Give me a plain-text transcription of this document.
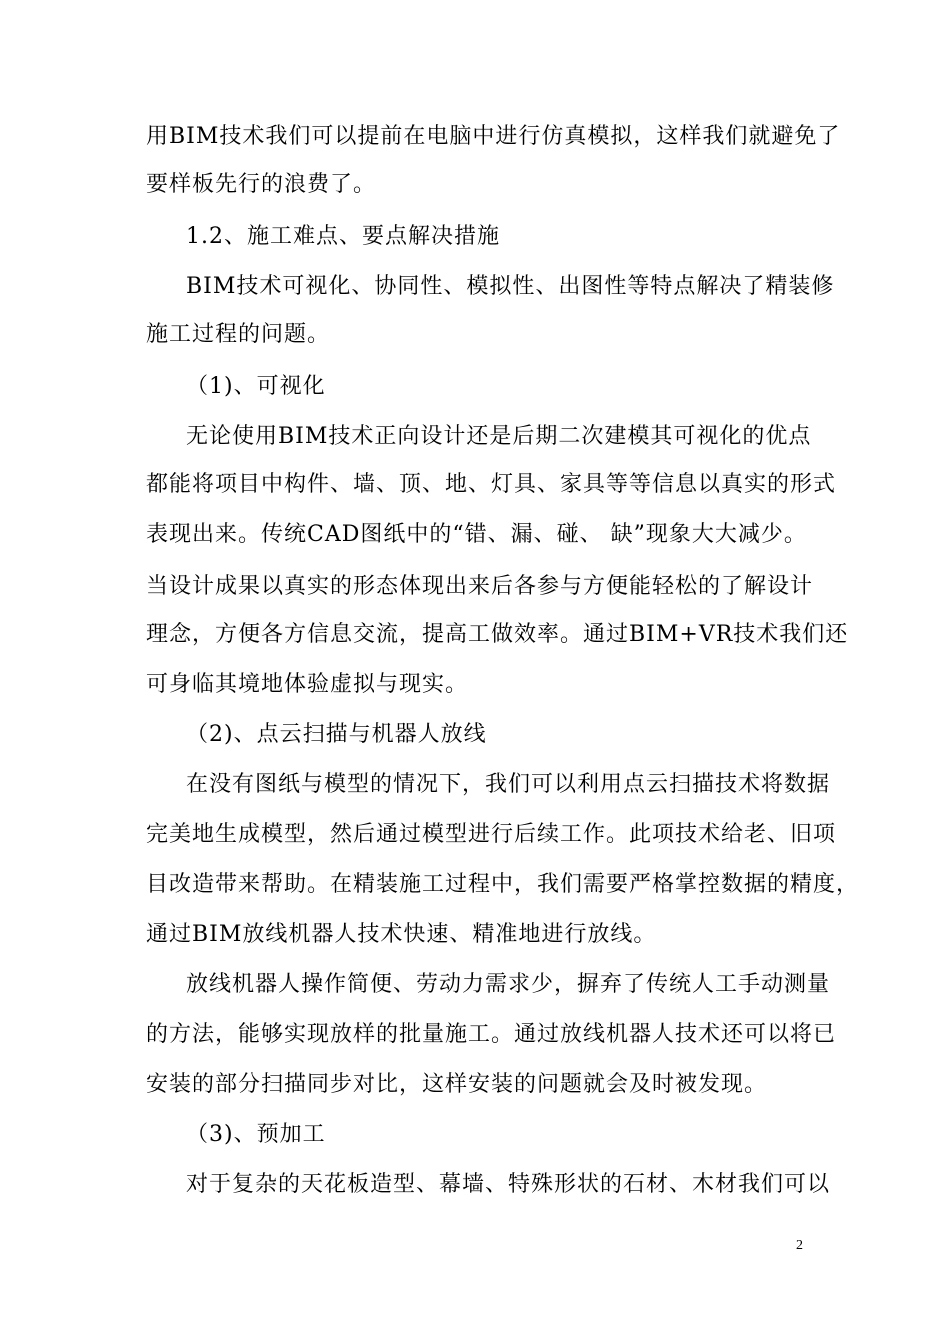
用BIM技术我们可以提前在电脑中进行仿真模拟，这样我们就避免了
要样板先行的浪费了。
1.2、施工难点、要点解决措施
BIM技术可视化、协同性、模拟性、出图性等特点解决了精装修
施工过程的问题。
（1)、可视化
无论使用BIM技术正向设计还是后期二次建模其可视化的优点
都能将项目中构件、墙、顶、地、灯具、家具等等信息以真实的形式
表现出来。传统CAD图纸中的“错、漏、碰、 缺”现象大大减少。
当设计成果以真实的形态体现出来后各参与方便能轻松的了解设计
理念，方便各方信息交流，提高工做效率。通过BIM+VR技术我们还
可身临其境地体验虚拟与现实。
（2)、点云扫描与机器人放线
在没有图纸与模型的情况下，我们可以利用点云扫描技术将数据
完美地生成模型，然后通过模型进行后续工作。此项技术给老、旧项
目改造带来帮助。在精装施工过程中，我们需要严格掌控数据的精度，
通过BIM放线机器人技术快速、精准地进行放线。
放线机器人操作简便、劳动力需求少，摒弃了传统人工手动测量
的方法，能够实现放样的批量施工。通过放线机器人技术还可以将已
安装的部分扫描同步对比，这样安装的问题就会及时被发现。
（3)、预加工
对于复杂的天花板造型、幕墙、特殊形状的石材、木材我们可以
2
